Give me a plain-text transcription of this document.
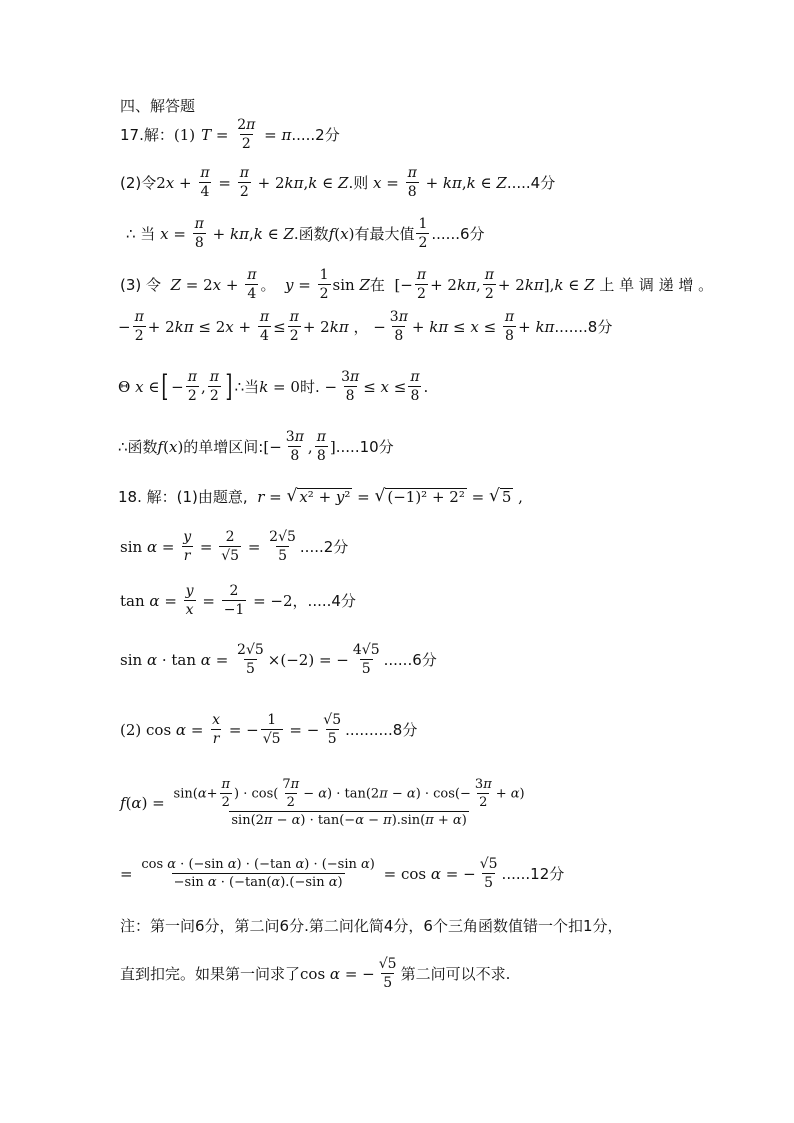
四、解答题
17.解： (1) $T = \frac{2\pi}{2} = \pi$ .....2分
(2)令 2 $x + \frac{\pi}{4} = \frac{\pi}{2} + 2$ kπ , k ∈ Z . 则
$x = \frac{\pi}{8} + k\pi$ , k ∈ Z .....4分
∴ 当
$x = \frac{\pi}{8} + k\pi$ , k ∈ Z . 函数 f ( x ) 有最大值 $\frac{1}{2} ......6$分
(3) 令
Z = 2 $x + \frac{\pi}{4}$ 。
$y = \frac{1}{2}$ sin Z 在 [− $\frac{\pi}{2} + 2$ kπ , $\frac{\pi}{2} + 2$ kπ ], k ∈ Z
上 单 调 递 增 。
− $\frac{\pi}{2} + 2$ kπ ≤ 2 $x + \frac{\pi}{4} \le \frac{\pi}{2} + 2$ kπ ， − $\frac{3\pi}{8} + k\pi \le x \le \frac{\pi}{8} + k\pi$ .......8分
Θ
x ∈ [ − $\frac{\pi}{2}$ , $\frac{\pi}{2}$ ] ∴当 k = 0 时. − $\frac{3\pi}{8} \le x \le \frac{\pi}{8}$ .
∴函数 f ( x ) 的单增区间: [− $\frac{3\pi}{8}$ , $\frac{\pi}{8}$ ] .....10分
18. 解：(1)由题意,
r = √ x² + y² = √ (−1)² + 2² = √ 5 ,
$\sin \alpha = \frac{y}{r} = \frac{2}{√5} = \frac{2√5}{5} .....2$分
$\tan \alpha = \frac{y}{x} = \frac{2}{-1} = -2$ ，.....4分
$\sin \alpha \cdot \tan \alpha = \frac{2√5}{5} \times(-2)$ = − $\frac{4√5}{5} ......6$分
(2) $\cos \alpha = \frac{x}{r}$ = − $\frac{1}{√5}$ = − $\frac{√5}{5} ..........8$分
f ( α ) = $\frac{\sin(\alpha+ \frac{\pi}{2} ) \cdot \cos( \frac{7\pi}{2} - \alpha) \cdot \tan(2\pi - \alpha) \cdot \cos(- \frac{3\pi}{2} + \alpha)}{\sin(2\pi - \alpha) \cdot \tan(-\alpha - \pi).\sin(\pi + \alpha)}$
= $\frac{\text{cos α · (−sin α) · (−tan α) · (−sin α)}}{\text{−sin α · (−tan(α).(−sin α)}} = \cos \alpha$ = − $\frac{√5}{5} ......12$分
注：第一问6分，第二问6分.第二问化简4分，6个三角函数值错一个扣1分，
直到扣完。如果第一问求了 cos α = − $\frac{√5}{5}$ 第二问可以不求.
